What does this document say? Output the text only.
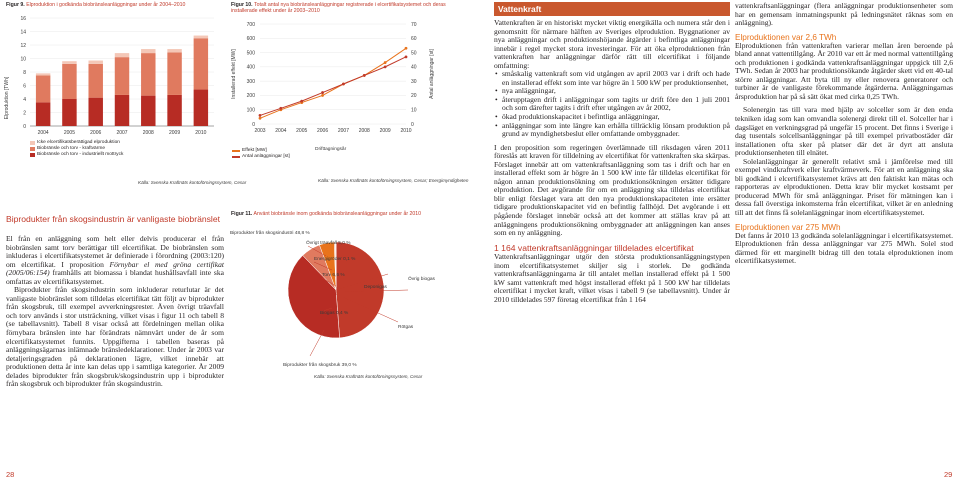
Figur 9. Elproduktion i godkända biobränsleanläggningar under år 2004–2010
Elproduktion [TWh]
0
2
4
6
8
10
12
14
16
2004	2005	2006	2007	2008	2009	2010
Icke elcertifikatsberättigad elproduktion
Biobränsle och torv - kraftvärme
Biobränsle och torv - industriellt mottryck
Källa: Svenska Kraftnäts kontoförningssystem, Cesar
Figur 10. Totalt antal nya biobränsleanläggningar registrerade i elcertifikatsystemet och deras installerade effekt under år 2003–2010
Installerad effekt [MW]	Antal anläggningar [st]
0
100
200
300
400
500
600
700
0
10
20
30
40
50
60
70
2003 2004 2005 2006 2007 2008 2009 2010
Drifttagningsår
Effekt [MW]
Antal anläggningar [st]
Källa: Svenska Kraftnäts kontoförningssystem, Cesar; Energimyndigheten
Figur 11. Använt biobränsle inom godkända biobränsleanläggningar under år 2010
Biprodukter från skogsindustri 48,8 %
Övrigt träavfall 5,0 %
Energigröder 0,1 %
Torv 6,6 %
Deponigas
Övrig biogas
Biogas 0,4 %
Rötgas
Biprodukter från skogsbruk 39,0 %
Källa: Svenska Kraftnäts kontoförningssystem, Cesar
Biprodukter från skogsindustrin är vanligaste biobränslet

El från en anläggning som helt eller delvis producerar el från biobränslen samt torv berättigar till elcertifikat. De biobränslen som inkluderas i elcertifikatsystemet är definierade i förordning (2003:120) om elcertifikat. I proposition Förnybar el med gröna certifikat (2005/06:154) framhålls att biomassa i blandat hushållsavfall inte ska omfattas av elcertifikatsystemet.

Biprodukter från skogsindustrin som inkluderar returlutar är det vanligaste biobränslet som tilldelas elcertifikat tätt följt av biprodukter från skogsbruk, till exempel avverkningsrester. Även övrigt träavfall och torv används i stor utsträckning, vilket visas i figur 11 och tabell 8 (se tabellavsnitt). Tabell 8 visar också att fördelningen mellan olika förnybara bränslen inte har förändrats nämnvärt under de år som elcertifikatsystemet funnits. Uppgifterna i tabellen baseras på anläggningsägarnas inlämnade bränsledeklarationer. Under år 2003 var detaljeringsgraden på deklarationen lägre, vilket innebär att produktionen detta år inte kan delas upp i samtliga kategorier. År 2009 delades biprodukter från skogsbruk/skogsindustrin upp i biprodukter från skogsbruk och biprodukter från skogsindustrin.

28
Vattenkraft

Vattenkraften är en historiskt mycket viktig energikälla och numera står den i genomsnitt för närmare hälften av Sveriges elproduktion. Byggnationer av nya anläggningar och produktionshöjande åtgärder i befintliga anläggningar innebär i regel mycket stora investeringar. För att öka elproduktionen från vattenkraften har anläggningar därför rätt till elcertifikat i följande omfattning:

• småskalig vattenkraft som vid utgången av april 2003 var i drift och hade en installerad effekt som inte var högre än 1 500 kW per produktionsenhet,
• nya anläggningar,
• återupptagen drift i anläggningar som tagits ur drift före den 1 juli 2001 och som därefter tagits i drift efter utgången av år 2002,
• ökad produktionskapacitet i befintliga anläggningar,
• anläggningar som inte längre kan erhålla tillräcklig lönsam produktion på grund av myndighetsbeslut eller omfattande ombyggnader.

I den proposition som regeringen överlämnade till riksdagen våren 2011 föreslås att kraven för tilldelning av elcertifikat för vattenkraften ska skärpas. Förslaget innebär att om vattenkraftsanläggning som tas i drift och har en installerad effekt som är högre än 1 500 kW inte får tilldelas elcertifikat för någon annan produktionsökning om produktionsökningen ersätter tidigare elproduktion. Det avgörande för om en anläggning ska tilldelas elcertifikat blir enligt förslaget vara att den nya produktionskapaciteten inte ersätter tidigare produktionskapacitet vid en befintlig fallhöjd. Det avgörande i ett pågående förslaget innebär också att det kommer att ställas krav på att anläggningens produktionsökning ombyggnader att anläggningen kan anses som en ny anläggning.

1 164 vattenkraftsanläggningar tilldelades elcertifikat

Vattenkraftsanläggningar utgör den största produktionsanläggningstypen inom elcertifikatsystemet skiljer sig i storlek. De godkända vattenkraftsanläggningarna är till antalet mellan installerad effekt på 1 500 kW samt vattenkraft med högst installerad effekt på 1 500 kW har tilldelats elcertifikat i mycket kraft, vilket visas i tabell 9 (se tabellavsnitt). Under år 2010 tilldelades 597 företag elcertifikat från 1 164

vattenkraftsanläggningar (flera anläggningar produktionsenheter som har en gemensam inmatningspunkt på ledningsnätet räknas som en anläggning).

Elproduktionen var 2,6 TWh

Elproduktionen från vattenkraften varierar mellan åren beroende på bland annat vattentillgång. År 2010 var ett år med normal vattentillgång och produktionen i godkända vattenkraftsanläggningar uppgick till 2,6 TWh. Sedan år 2003 har produktionsökande åtgärder skett vid ett 40-tal större anläggningar. Att byta till ny eller renovera generatorer och turbiner är de vanligaste förekommande åtgärderna. Anläggningarnas årsproduktion har på så sätt ökat med cirka 0,25 TWh.

Solenergin tas till vara med hjälp av solceller som är den enda tekniken idag som kan omvandla solenergi direkt till el. Solceller har i dagsläget en verkningsgrad på ungefär 15 procent. Det finns i Sverige i dag tusentals solcellsanläggningar på till exempel privatbostäder där installationen ofta sker på platser där det är dyrt att ansluta produktionsenheten till elnätet.

Solelanläggningar är generellt relativt små i jämförelse med till exempel vindkraftverk eller kraftvärmeverk. För att en anläggning ska bli godkänd i elcertifikatsystemet krävs att den faktiskt kan mätas och rapporteras av elproduktionen. Detta krav blir mycket kostsamt per producerad MWh för små anläggningar. Priset för mätningen kan i dessa fall överstiga inkomsterna från elcertifikat, vilket är en anledning till att det finns få solelanläggningar inom elcertifikatsystemet.

Elproduktionen var 275 MWh

Det fanns år 2010 13 godkända solelanläggningar i elcertifikatsystemet. Elproduktionen från dessa anläggningar var 275 MWh. Solel stod därmed för ett marginellt bidrag till den totala elproduktionen inom elcertifikatsystemet.

29
